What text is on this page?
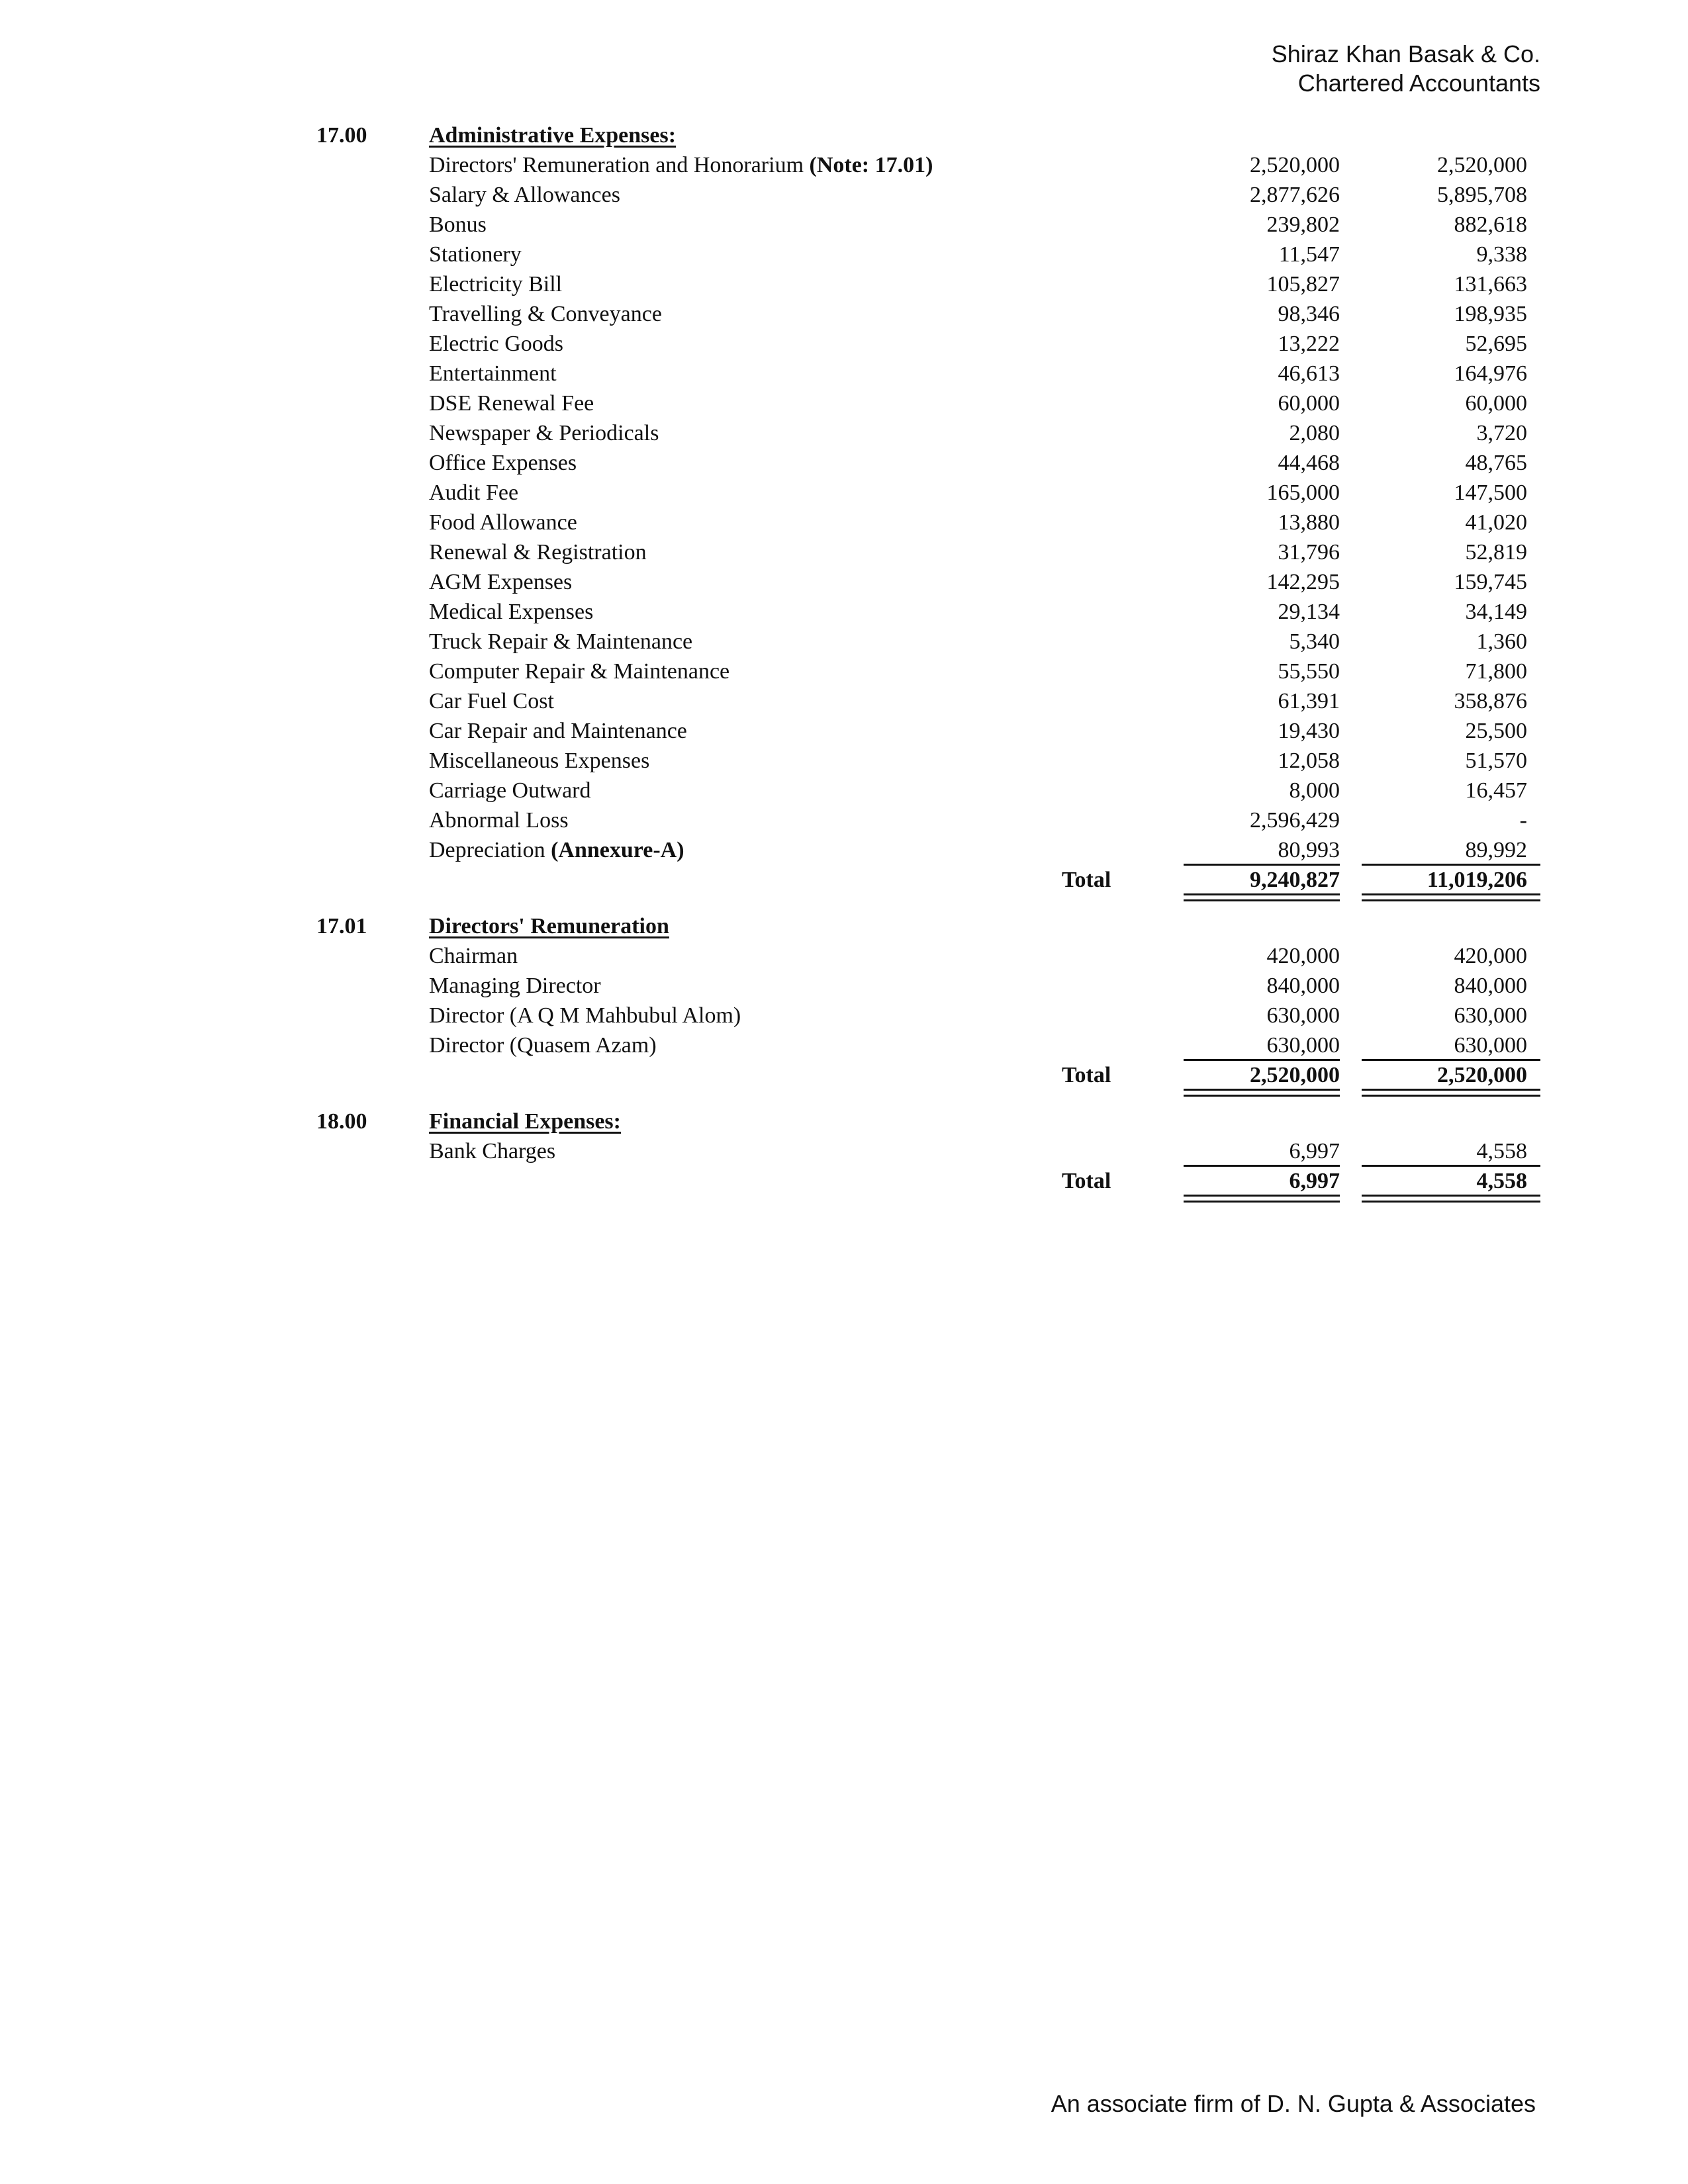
Shiraz Khan Basak & Co.
Chartered Accountants
17.00	Administrative Expenses:
Directors' Remuneration and Honorarium (Note: 17.01)	2,520,000	2,520,000
Salary & Allowances	2,877,626	5,895,708
Bonus	239,802	882,618
Stationery	11,547	9,338
Electricity Bill	105,827	131,663
Travelling & Conveyance	98,346	198,935
Electric Goods	13,222	52,695
Entertainment	46,613	164,976
DSE Renewal Fee	60,000	60,000
Newspaper & Periodicals	2,080	3,720
Office Expenses	44,468	48,765
Audit Fee	165,000	147,500
Food Allowance	13,880	41,020
Renewal & Registration	31,796	52,819
AGM Expenses	142,295	159,745
Medical Expenses	29,134	34,149
Truck Repair & Maintenance	5,340	1,360
Computer Repair & Maintenance	55,550	71,800
Car Fuel Cost	61,391	358,876
Car Repair and Maintenance	19,430	25,500
Miscellaneous Expenses	12,058	51,570
Carriage Outward	8,000	16,457
Abnormal Loss	2,596,429	-
Depreciation (Annexure-A)	80,993	89,992
Total	9,240,827	11,019,206
17.01	Directors' Remuneration
Chairman	420,000	420,000
Managing Director	840,000	840,000
Director (A Q M Mahbubul Alom)	630,000	630,000
Director (Quasem Azam)	630,000	630,000
Total	2,520,000	2,520,000
18.00	Financial Expenses:
Bank Charges	6,997	4,558
Total	6,997	4,558
An associate firm of D. N. Gupta & Associates
